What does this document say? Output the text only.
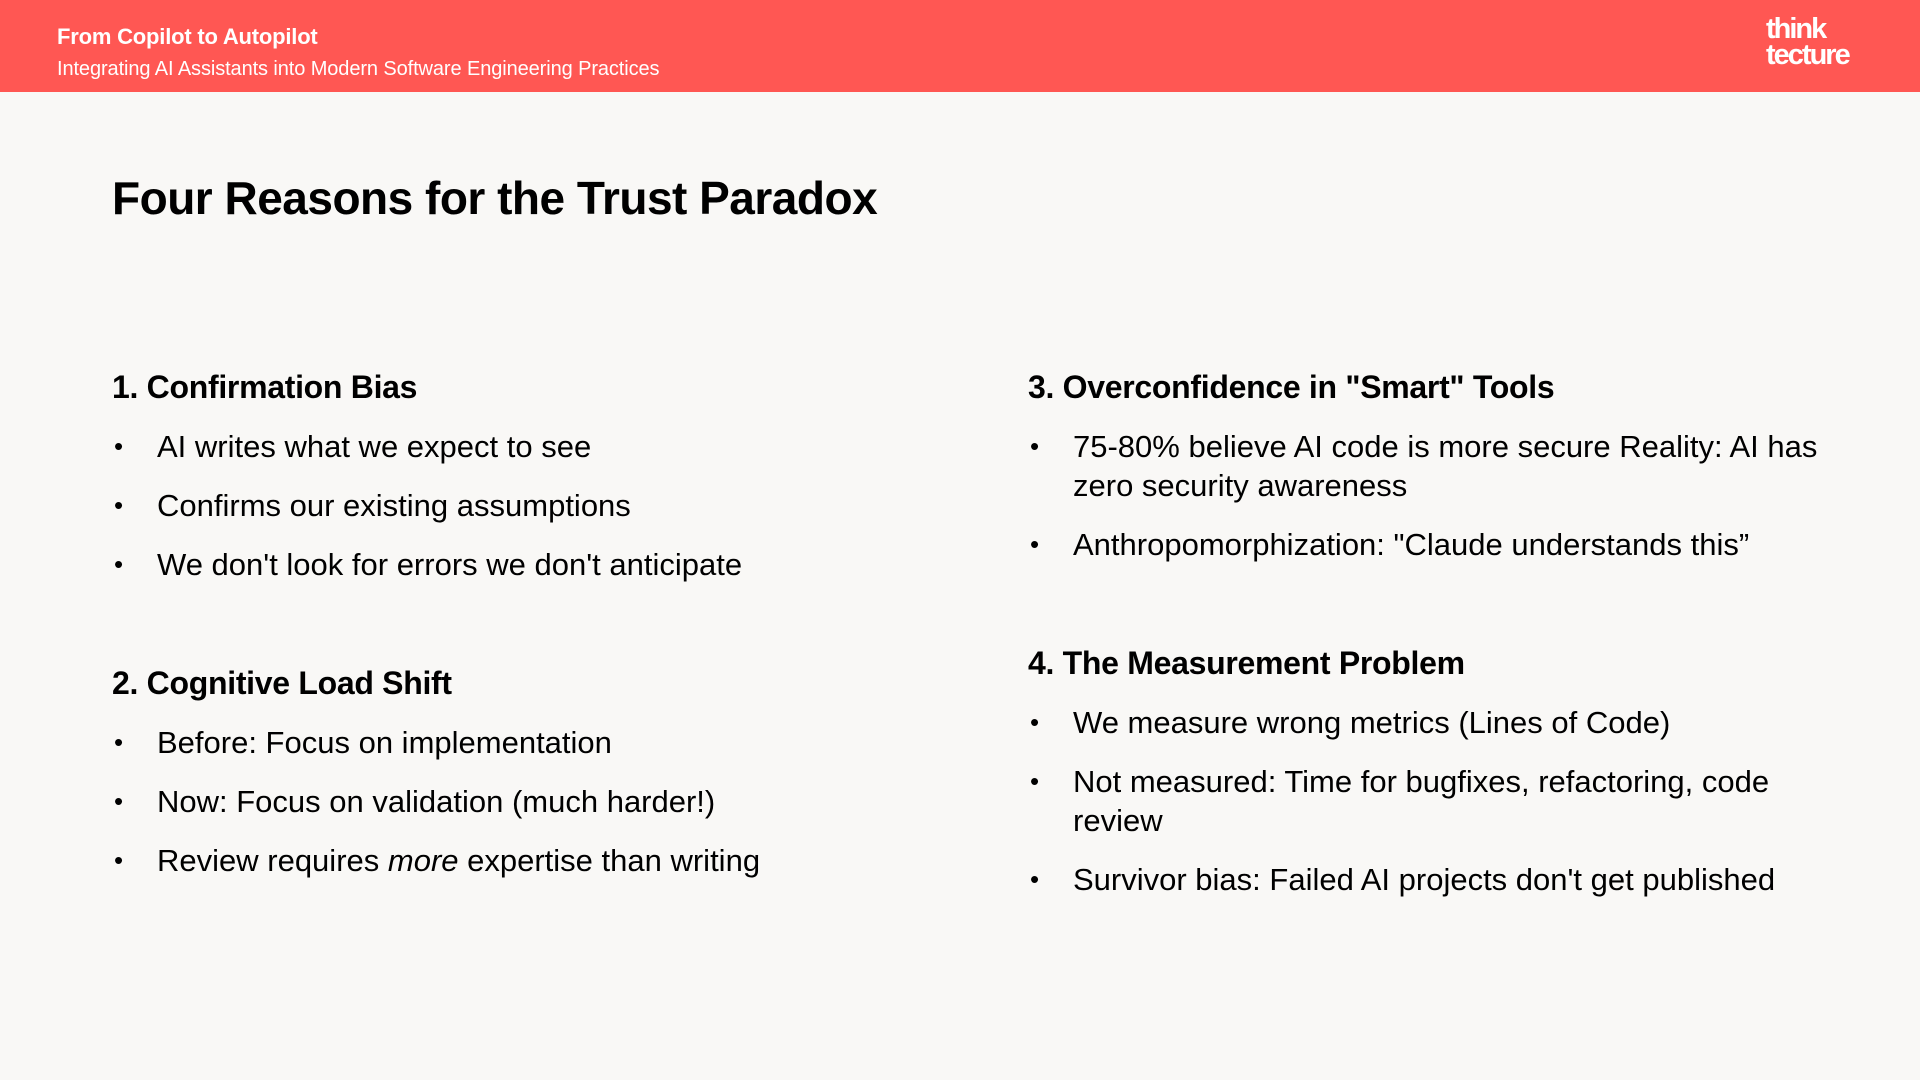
From Copilot to Autopilot
Integrating AI Assistants into Modern Software Engineering Practices
think
tecture
Four Reasons for the Trust Paradox
1. Confirmation Bias
• AI writes what we expect to see
• Confirms our existing assumptions
• We don't look for errors we don't anticipate
2. Cognitive Load Shift
• Before: Focus on implementation
• Now: Focus on validation (much harder!)
• Review requires more expertise than writing
3. Overconfidence in "Smart" Tools
• 75-80% believe AI code is more secure Reality: AI has zero security awareness
• Anthropomorphization: "Claude understands this”
4. The Measurement Problem
• We measure wrong metrics (Lines of Code)
• Not measured: Time for bugfixes, refactoring, code review
• Survivor bias: Failed AI projects don't get published
